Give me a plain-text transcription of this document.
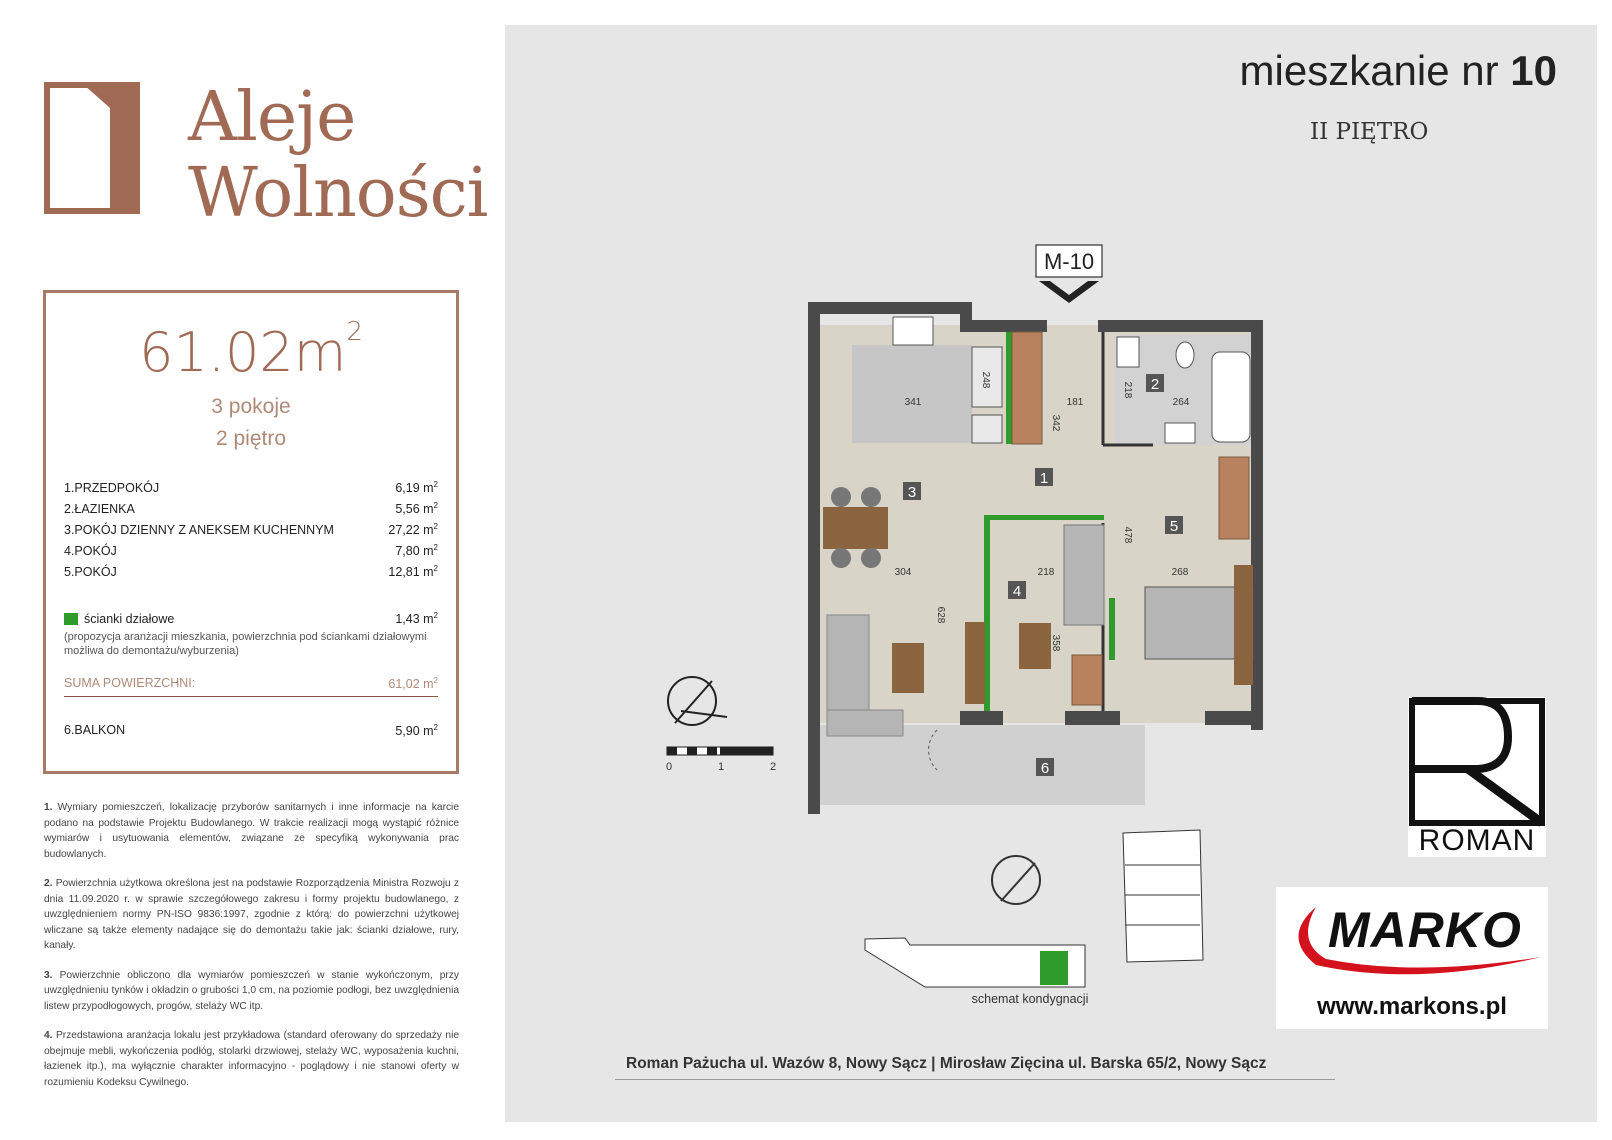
Aleje
Wolności
$61.02m^2$
3 pokoje
2 piętro
1.PRZEDPOKÓJ	6,19 $m^2$
2.ŁAZIENKA	5,56 $m^2$
3.POKÓJ DZIENNY Z ANEKSEM KUCHENNYM	27,22 $m^2$
4.POKÓJ	7,80 $m^2$
5.POKÓJ	12,81 $m^2$
ścianki działowe	1,43 $m^2$
(propozycja aranżacji mieszkania, powierzchnia pod ściankami działowymi możliwa do demontażu/wyburzenia)
SUMA POWIERZCHNI:	61,02 $m^2$
6.BALKON	5,90 $m^2$

1. Wymiary pomieszczeń, lokalizację przyborów sanitarnych i inne informacje na karcie podano na podstawie Projektu Budowlanego. W trakcie realizacji mogą wystąpić różnice wymiarów i usytuowania elementów, związane ze specyfiką wykonywania prac budowlanych.

2. Powierzchnia użytkowa określona jest na podstawie Rozporządzenia Ministra Rozwoju z dnia 11.09.2020 r. w sprawie szczegółowego zakresu i formy projektu budowlanego, z uwzględnieniem normy PN-ISO 9836:1997, zgodnie z którą: do powierzchni użytkowej wliczane są także elementy nadające się do demontażu takie jak: ścianki działowe, rury, kanały.

3. Powierzchnie obliczono dla wymiarów pomieszczeń w stanie wykończonym, przy uwzględnieniu tynków i okładzin o grubości 1,0 cm, na poziomie podłogi, bez uwzględnienia listew przypodłogowych, progów, stelaży WC itp.

4. Przedstawiona aranżacja lokalu jest przykładowa (standard oferowany do sprzedaży nie obejmuje mebli, wykończenia podłóg, stolarki drzwiowej, stelaży WC, wyposażenia kuchni, łazienek itp.), ma wyłącznie charakter informacyjno - poglądowy i nie stanowi oferty w rozumieniu Kodeksu Cywilnego.

mieszkanie nr 10
II PIĘTRO
M-10
1
2
3
4
5
6
341
248
181
342
218
264
304	218
478
268
628
358
0	1	2
schemat kondygnacji
ROMAN
MARKO
www.markons.pl
Roman Pażucha ul. Wazów 8, Nowy Sącz | Mirosław Zięcina ul. Barska 65/2, Nowy Sącz
